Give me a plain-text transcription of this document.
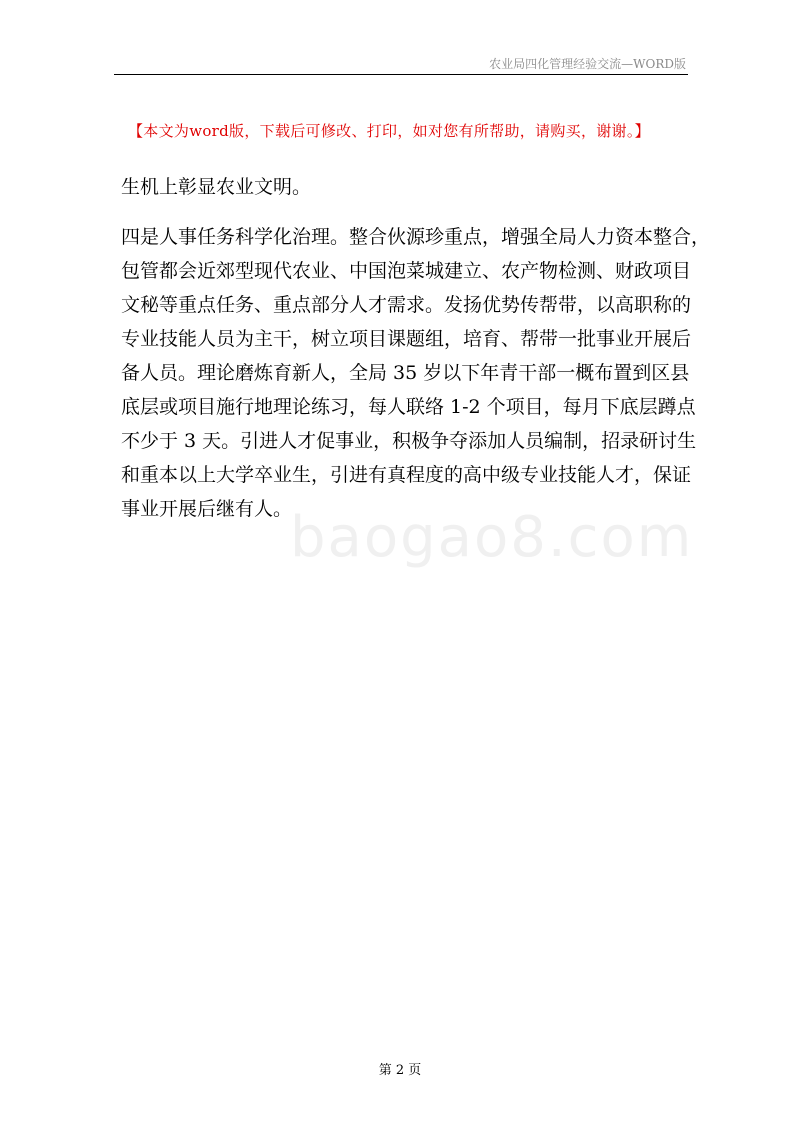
农业局四化管理经验交流—WORD版
【本文为word版，下载后可修改、打印，如对您有所帮助，请购买，谢谢。】
生机上彰显农业文明。
四是人事任务科学化治理。整合伙源珍重点，增强全局人力资本整合，
包管都会近郊型现代农业、中国泡菜城建立、农产物检测、财政项目
文秘等重点任务、重点部分人才需求。发扬优势传帮带，以高职称的
专业技能人员为主干，树立项目课题组，培育、帮带一批事业开展后
备人员。理论磨炼育新人，全局 35 岁以下年青干部一概布置到区县
底层或项目施行地理论练习，每人联络 1-2 个项目，每月下底层蹲点
不少于 3 天。引进人才促事业，积极争夺添加人员编制，招录研讨生
和重本以上大学卒业生，引进有真程度的高中级专业技能人才，保证
事业开展后继有人。
baogao8.com
第 2 页
